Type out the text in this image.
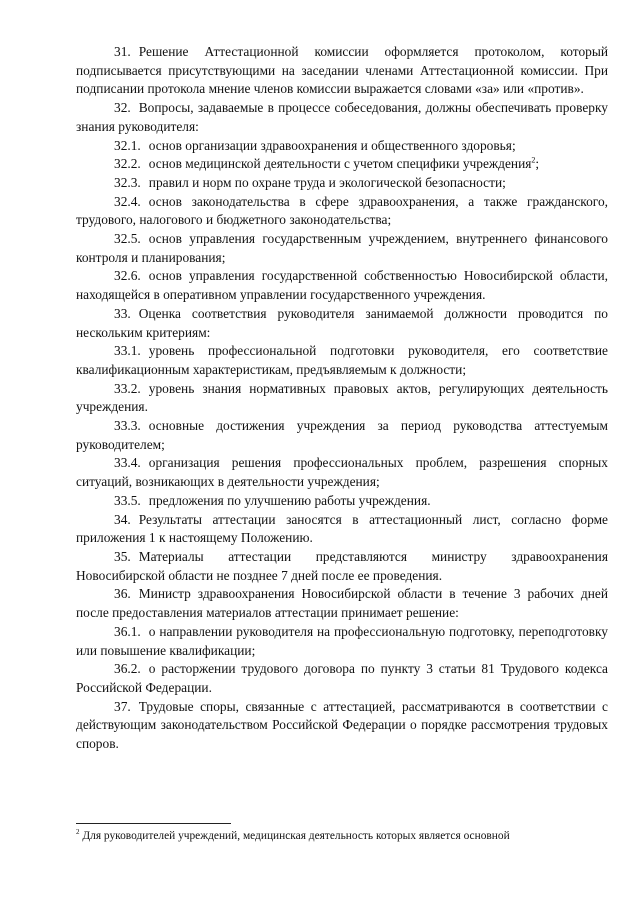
31. Решение Аттестационной комиссии оформляется протоколом, который подписывается присутствующими на заседании членами Аттестационной комиссии. При подписании протокола мнение членов комиссии выражается словами «за» или «против».

32. Вопросы, задаваемые в процессе собеседования, должны обеспечивать проверку знания руководителя:

32.1. основ организации здравоохранения и общественного здоровья;

32.2. основ медицинской деятельности с учетом специфики учреждения$^2$;

32.3. правил и норм по охране труда и экологической безопасности;

32.4. основ законодательства в сфере здравоохранения, а также гражданского, трудового, налогового и бюджетного законодательства;

32.5. основ управления государственным учреждением, внутреннего финансового контроля и планирования;

32.6. основ управления государственной собственностью Новосибирской области, находящейся в оперативном управлении государственного учреждения.

33. Оценка соответствия руководителя занимаемой должности проводится по нескольким критериям:

33.1. уровень профессиональной подготовки руководителя, его соответствие квалификационным характеристикам, предъявляемым к должности;

33.2. уровень знания нормативных правовых актов, регулирующих деятельность учреждения.

33.3. основные достижения учреждения за период руководства аттестуемым руководителем;

33.4. организация решения профессиональных проблем, разрешения спорных ситуаций, возникающих в деятельности учреждения;

33.5. предложения по улучшению работы учреждения.

34. Результаты аттестации заносятся в аттестационный лист, согласно форме приложения 1 к настоящему Положению.

35. Материалы аттестации представляются министру здравоохранения Новосибирской области не позднее 7 дней после ее проведения.

36. Министр здравоохранения Новосибирской области в течение 3 рабочих дней после предоставления материалов аттестации принимает решение:

36.1. о направлении руководителя на профессиональную подготовку, переподготовку или повышение квалификации;

36.2. о расторжении трудового договора по пункту 3 статьи 81 Трудового кодекса Российской Федерации.

37. Трудовые споры, связанные с аттестацией, рассматриваются в соответствии с действующим законодательством Российской Федерации о порядке рассмотрения трудовых споров.

$^2$ Для руководителей учреждений, медицинская деятельность которых является основной
